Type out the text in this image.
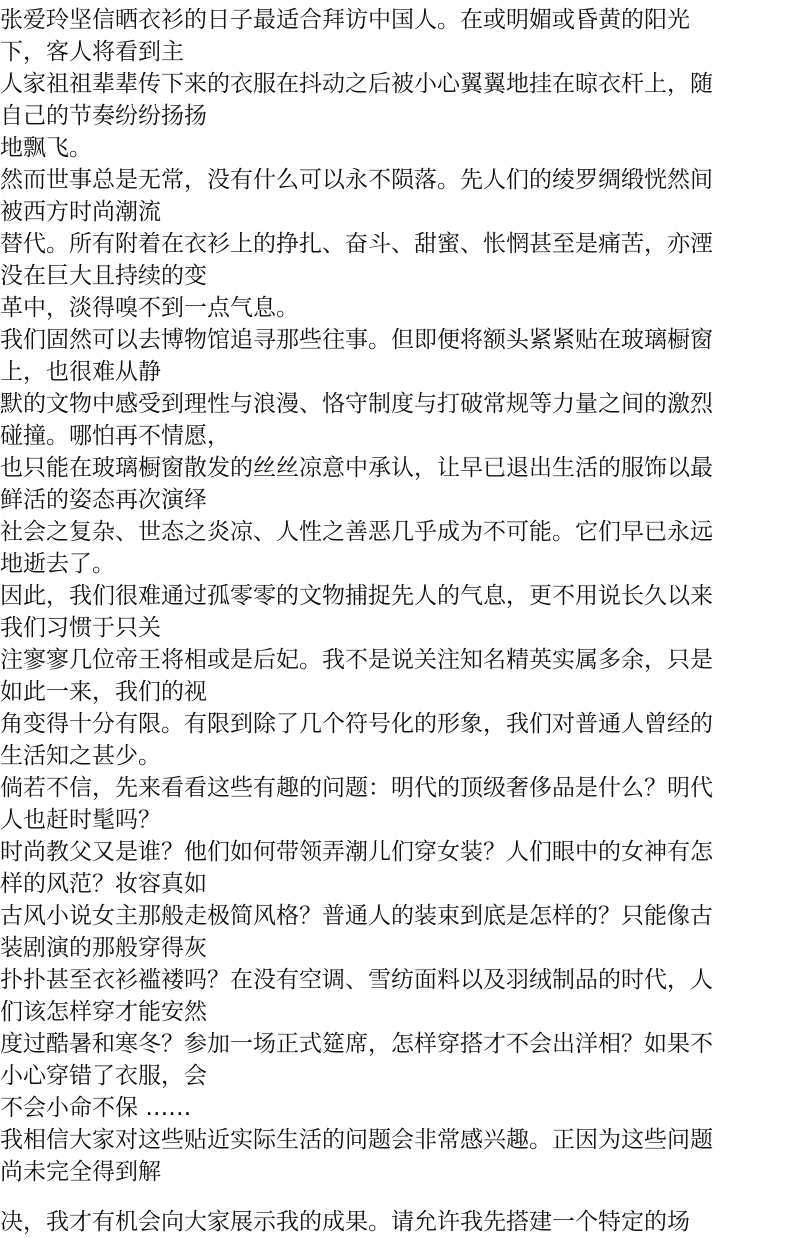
张爱玲坚信晒衣衫的日子最适合拜访中国人。在或明媚或昏黄的阳光
下，客人将看到主
人家祖祖辈辈传下来的衣服在抖动之后被小心翼翼地挂在晾衣杆上，随
自己的节奏纷纷扬扬
地飘飞。
然而世事总是无常，没有什么可以永不陨落。先人们的绫罗绸缎恍然间
被西方时尚潮流
替代。所有附着在衣衫上的挣扎、奋斗、甜蜜、怅惘甚至是痛苦，亦湮
没在巨大且持续的变
革中，淡得嗅不到一点气息。
我们固然可以去博物馆追寻那些往事。但即便将额头紧紧贴在玻璃橱窗
上，也很难从静
默的文物中感受到理性与浪漫、恪守制度与打破常规等力量之间的激烈
碰撞。哪怕再不情愿，
也只能在玻璃橱窗散发的丝丝凉意中承认，让早已退出生活的服饰以最
鲜活的姿态再次演绎
社会之复杂、世态之炎凉、人性之善恶几乎成为不可能。它们早已永远
地逝去了。
因此，我们很难通过孤零零的文物捕捉先人的气息，更不用说长久以来
我们习惯于只关
注寥寥几位帝王将相或是后妃。我不是说关注知名精英实属多余，只是
如此一来，我们的视
角变得十分有限。有限到除了几个符号化的形象，我们对普通人曾经的
生活知之甚少。
倘若不信，先来看看这些有趣的问题：明代的顶级奢侈品是什么？明代
人也赶时髦吗？
时尚教父又是谁？他们如何带领弄潮儿们穿女装？人们眼中的女神有怎
样的风范？妆容真如
古风小说女主那般走极简风格？普通人的装束到底是怎样的？只能像古
装剧演的那般穿得灰
扑扑甚至衣衫褴褛吗？在没有空调、雪纺面料以及羽绒制品的时代，人
们该怎样穿才能安然
度过酷暑和寒冬？参加一场正式筵席，怎样穿搭才不会出洋相？如果不
小心穿错了衣服，会
不会小命不保 ……
我相信大家对这些贴近实际生活的问题会非常感兴趣。正因为这些问题
尚未完全得到解
决，我才有机会向大家展示我的成果。请允许我先搭建一个特定的场
